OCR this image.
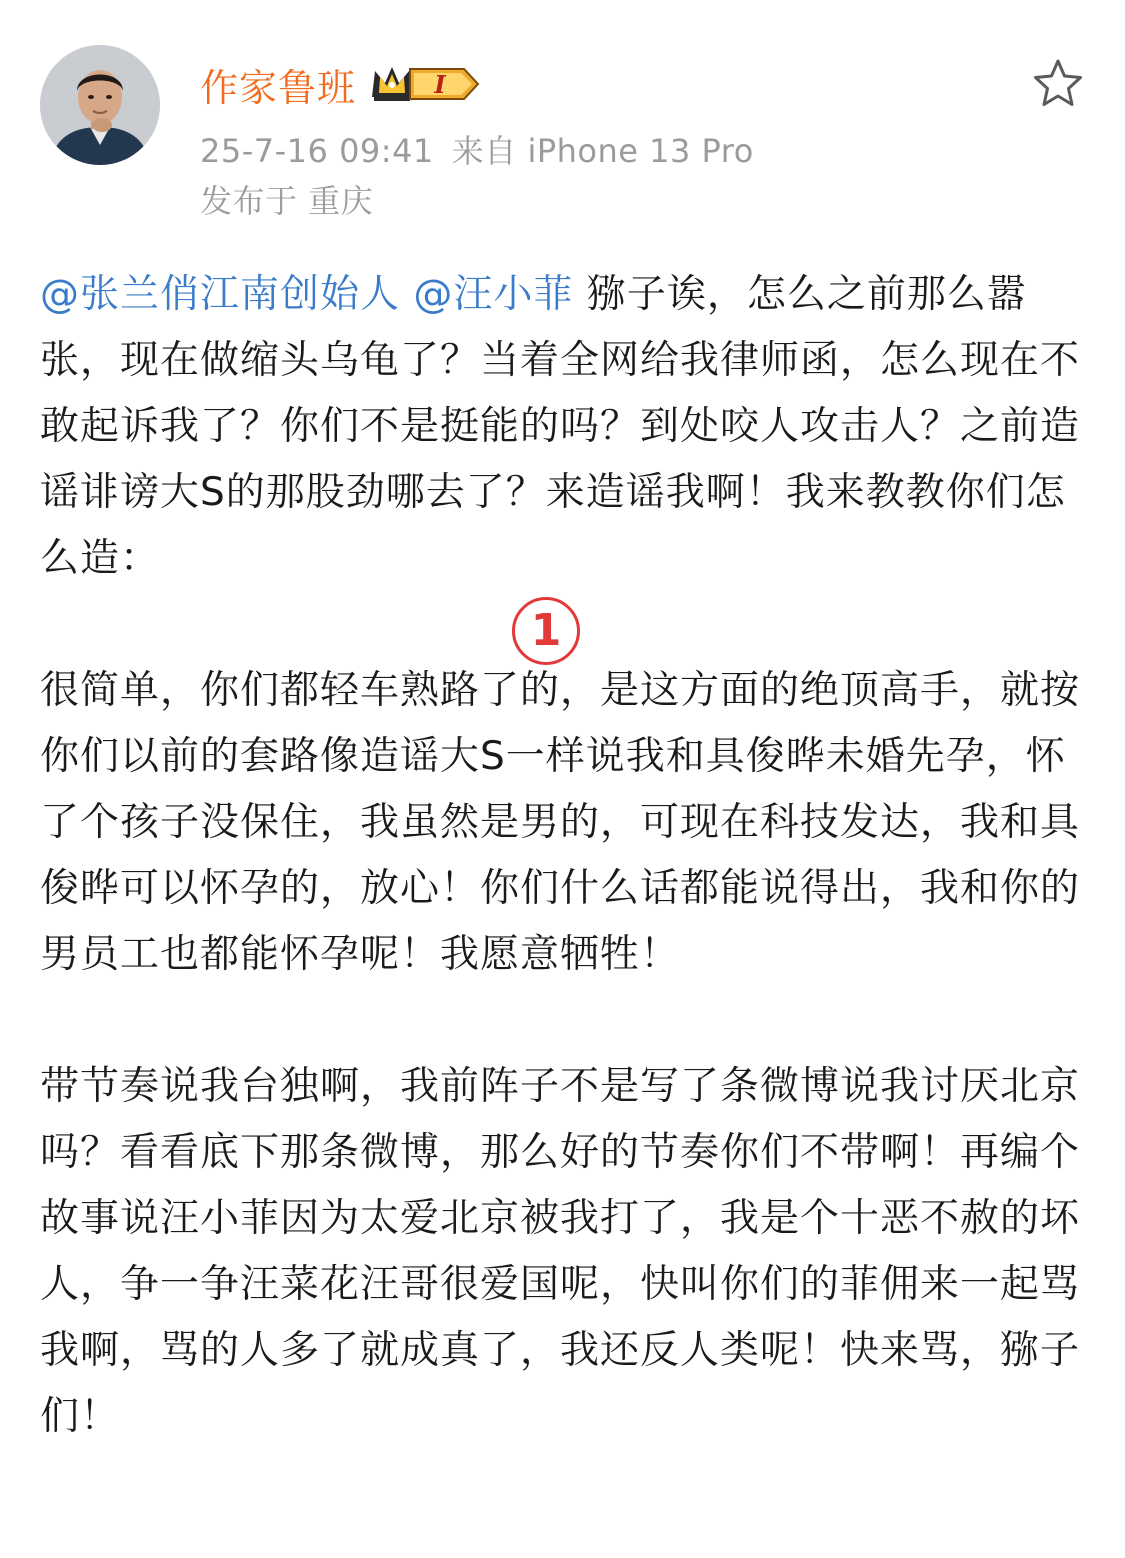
作家鲁班	I
25-7-16 09:41 来自 iPhone 13 Pro
发布于 重庆

@张兰俏江南创始人 @汪小菲 猕子诶，怎么之前那么嚣张，现在做缩头乌龟了？当着全网给我律师函，怎么现在不敢起诉我了？你们不是挺能的吗？到处咬人攻击人？之前造谣诽谤大S的那股劲哪去了？来造谣我啊！我来教教你们怎么造：

很简单，你们都轻车熟路了的，是这方面的绝顶高手，就按你们以前的套路像造谣大S一样说我和具俊晔未婚先孕，怀了个孩子没保住，我虽然是男的，可现在科技发达，我和具俊晔可以怀孕的，放心！你们什么话都能说得出，我和你的男员工也都能怀孕呢！我愿意牺牲！

带节奏说我台独啊，我前阵子不是写了条微博说我讨厌北京吗？看看底下那条微博，那么好的节奏你们不带啊！再编个故事说汪小菲因为太爱北京被我打了，我是个十恶不赦的坏人，争一争汪菜花汪哥很爱国呢，快叫你们的菲佣来一起骂我啊，骂的人多了就成真了，我还反人类呢！快来骂，猕子们！

1
